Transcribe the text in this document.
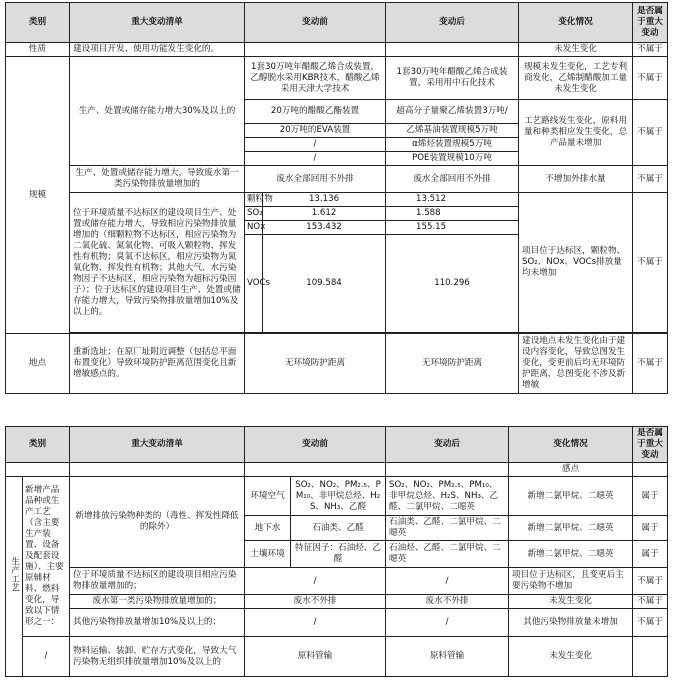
类别	重大变动清单	变动前		变动后	变化情况	是否属于重大变动
性质	建设项目开发、使用功能发生变化的。				未发生变化	不属于
规模	生产、处置或储存能力增大30%及以上的	1套30万吨年醋酸乙烯合成装置，乙醇脱水采用KBR技术，醋酸乙烯采用天津大学技术		1套30万吨年醋酸乙烯合成装置，采用用中石化技术	规模未发生变化，工艺专利商发化，乙烯制醋酸加工量未发生变化	不属于
		20万吨的醋酸乙酯装置		超高分子量聚乙烯装置3万吨/	工艺路线发生变化，原料用量和种类相应发生变化，总产品量未增加	不属于
		20万吨的EVA装置		乙烯基油装置规模5万吨		
		/		α烯烃装置规模5万吨		
		/		POE装置规模10万吨		
	生产、处置或储存能力增大，导致废水第一类污染物排放量增加的	废水全部回用不外排		废水全部回用不外排	不增加外排水量	不属于
	位于环境质量不达标区的建设项目生产、处置或储存能力增大，导致相应污染物排放量增加的（细颗粒物不达标区，相应污染物为二氧化硫、氮氧化物、可吸入颗粒物、挥发性有机物；臭氧不达标区，相应污染物为氮氧化物、挥发性有机物；其他大气、水污染物因子不达标区，相应污染物为超标污染因子）；位于达标区的建设项目生产、处置或储存能力增大，导致污染物排放量增加10%及以上的。	颗粒物	13.136	13.512	项目位于达标区，颗粒物、SO₂、NOx、VOCs排放量均未增加	不属于
		SO₂	1.612	1.588		
		NOx	153.432	155.15		
		VOCs	109.584	110.296		

地点	重新选址；在原厂址附近调整（包括总平面布置变化）导致环境防护距离范围变化且新增敏感点的。	无环境防护距离		无环境防护距离	建设地点未发生变化由于建设内容变化，导致总图发生变化，变更前后均无环境防护距离，总图变化不涉及新增敏	不属于
类别		重大变动清单	变动前		变动后	变化情况	是否属于重大变动
						感点	
生产工艺	新增产品品种或生产工艺（含主要生产装置、设备及配套设施）、主要原辅材料、燃料变化，导致以下情形之一：	新增排放污染物种类的（毒性、挥发性降低的除外）	环境空气	SO₂、NO₂、PM₂.₅、PM₁₀、非甲烷总烃、H₂S、NH₃、乙醛	SO₂、NO₂、PM₂.₅、PM₁₀、非甲烷总烃、H₂S、NH₃、乙醛、二氯甲烷、二噁英	新增二氯甲烷、二噁英	属于
			地下水	石油类、乙醛	石油类、乙醛、二氯甲烷、二噁英	新增二氯甲烷、二噁英	属于
			土壤环境	特征因子：石油烃、乙醛	石油烃、乙醛、二氯甲烷、二噁英	新增二氯甲烷、二噁英	属于
		位于环境质量不达标区的建设项目相应污染物排放量增加的；	/		/	项目位于达标区，且变更后主要污染物不增加	不属于
		废水第一类污染物排放量增加的；	废水不外排		废水不外排	未发生变化	不属于
		其他污染物排放量增加10%及以上的；	/		/	其他污染物排放量未增加	不属于
	/	物料运输、装卸、贮存方式变化，导致大气污染物无组织排放量增加10%及以上的	原料管输		原料管输	未发生变化	
